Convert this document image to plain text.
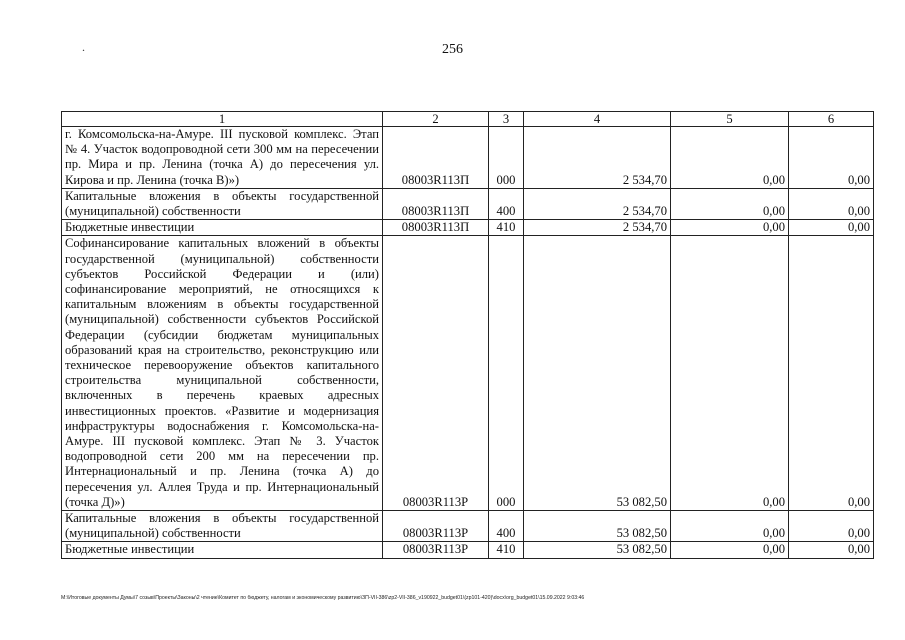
.	256
1	2	3	4	5	6
г. Комсомольска-на-Амуре. III пусковой комплекс. Этап № 4. Участок водопроводной сети 300 мм на пересечении пр. Мира и пр. Ленина (точка А) до пересечения ул. Кирова и пр. Ленина (точка В)»)	08003R113П	000	2 534,70	0,00	0,00
Капитальные вложения в объекты государственной (муниципальной) собственности	08003R113П	400	2 534,70	0,00	0,00
Бюджетные инвестиции	08003R113П	410	2 534,70	0,00	0,00
Софинансирование капитальных вложений в объекты государственной (муниципальной) собственности субъектов Российской Федерации и (или) софинансирование мероприятий, не относящихся к капитальным вложениям в объекты государственной (муниципальной) собственности субъектов Российской Федерации (субсидии бюджетам муниципальных образований края на строительство, реконструкцию или техническое перевооружение объектов капитального строительства муниципальной собственности, включенных в перечень краевых адресных инвестиционных проектов. «Развитие и модернизация инфраструктуры водоснабжения г. Комсомольска-на-Амуре. III пусковой комплекс. Этап № 3. Участок водопроводной сети 200 мм на пересечении пр. Интернациональный и пр. Ленина (точка А) до пересечения ул. Аллея Труда и пр. Интернациональный (точка Д)»)	08003R113P	000	53 082,50	0,00	0,00
Капитальные вложения в объекты государственной (муниципальной) собственности	08003R113P	400	53 082,50	0,00	0,00
Бюджетные инвестиции	08003R113P	410	53 082,50	0,00	0,00
M:\Итоговые документы Думы\7 созыв\Проекты\Законы\2 чтение\Комитет по бюджету, налогам и экономическому развитию\ЗП-VII-386\zp2-VII-386_v190922_budget01\(zp101-420)\docx\org_budget01\15.09.2022 9:03:46
